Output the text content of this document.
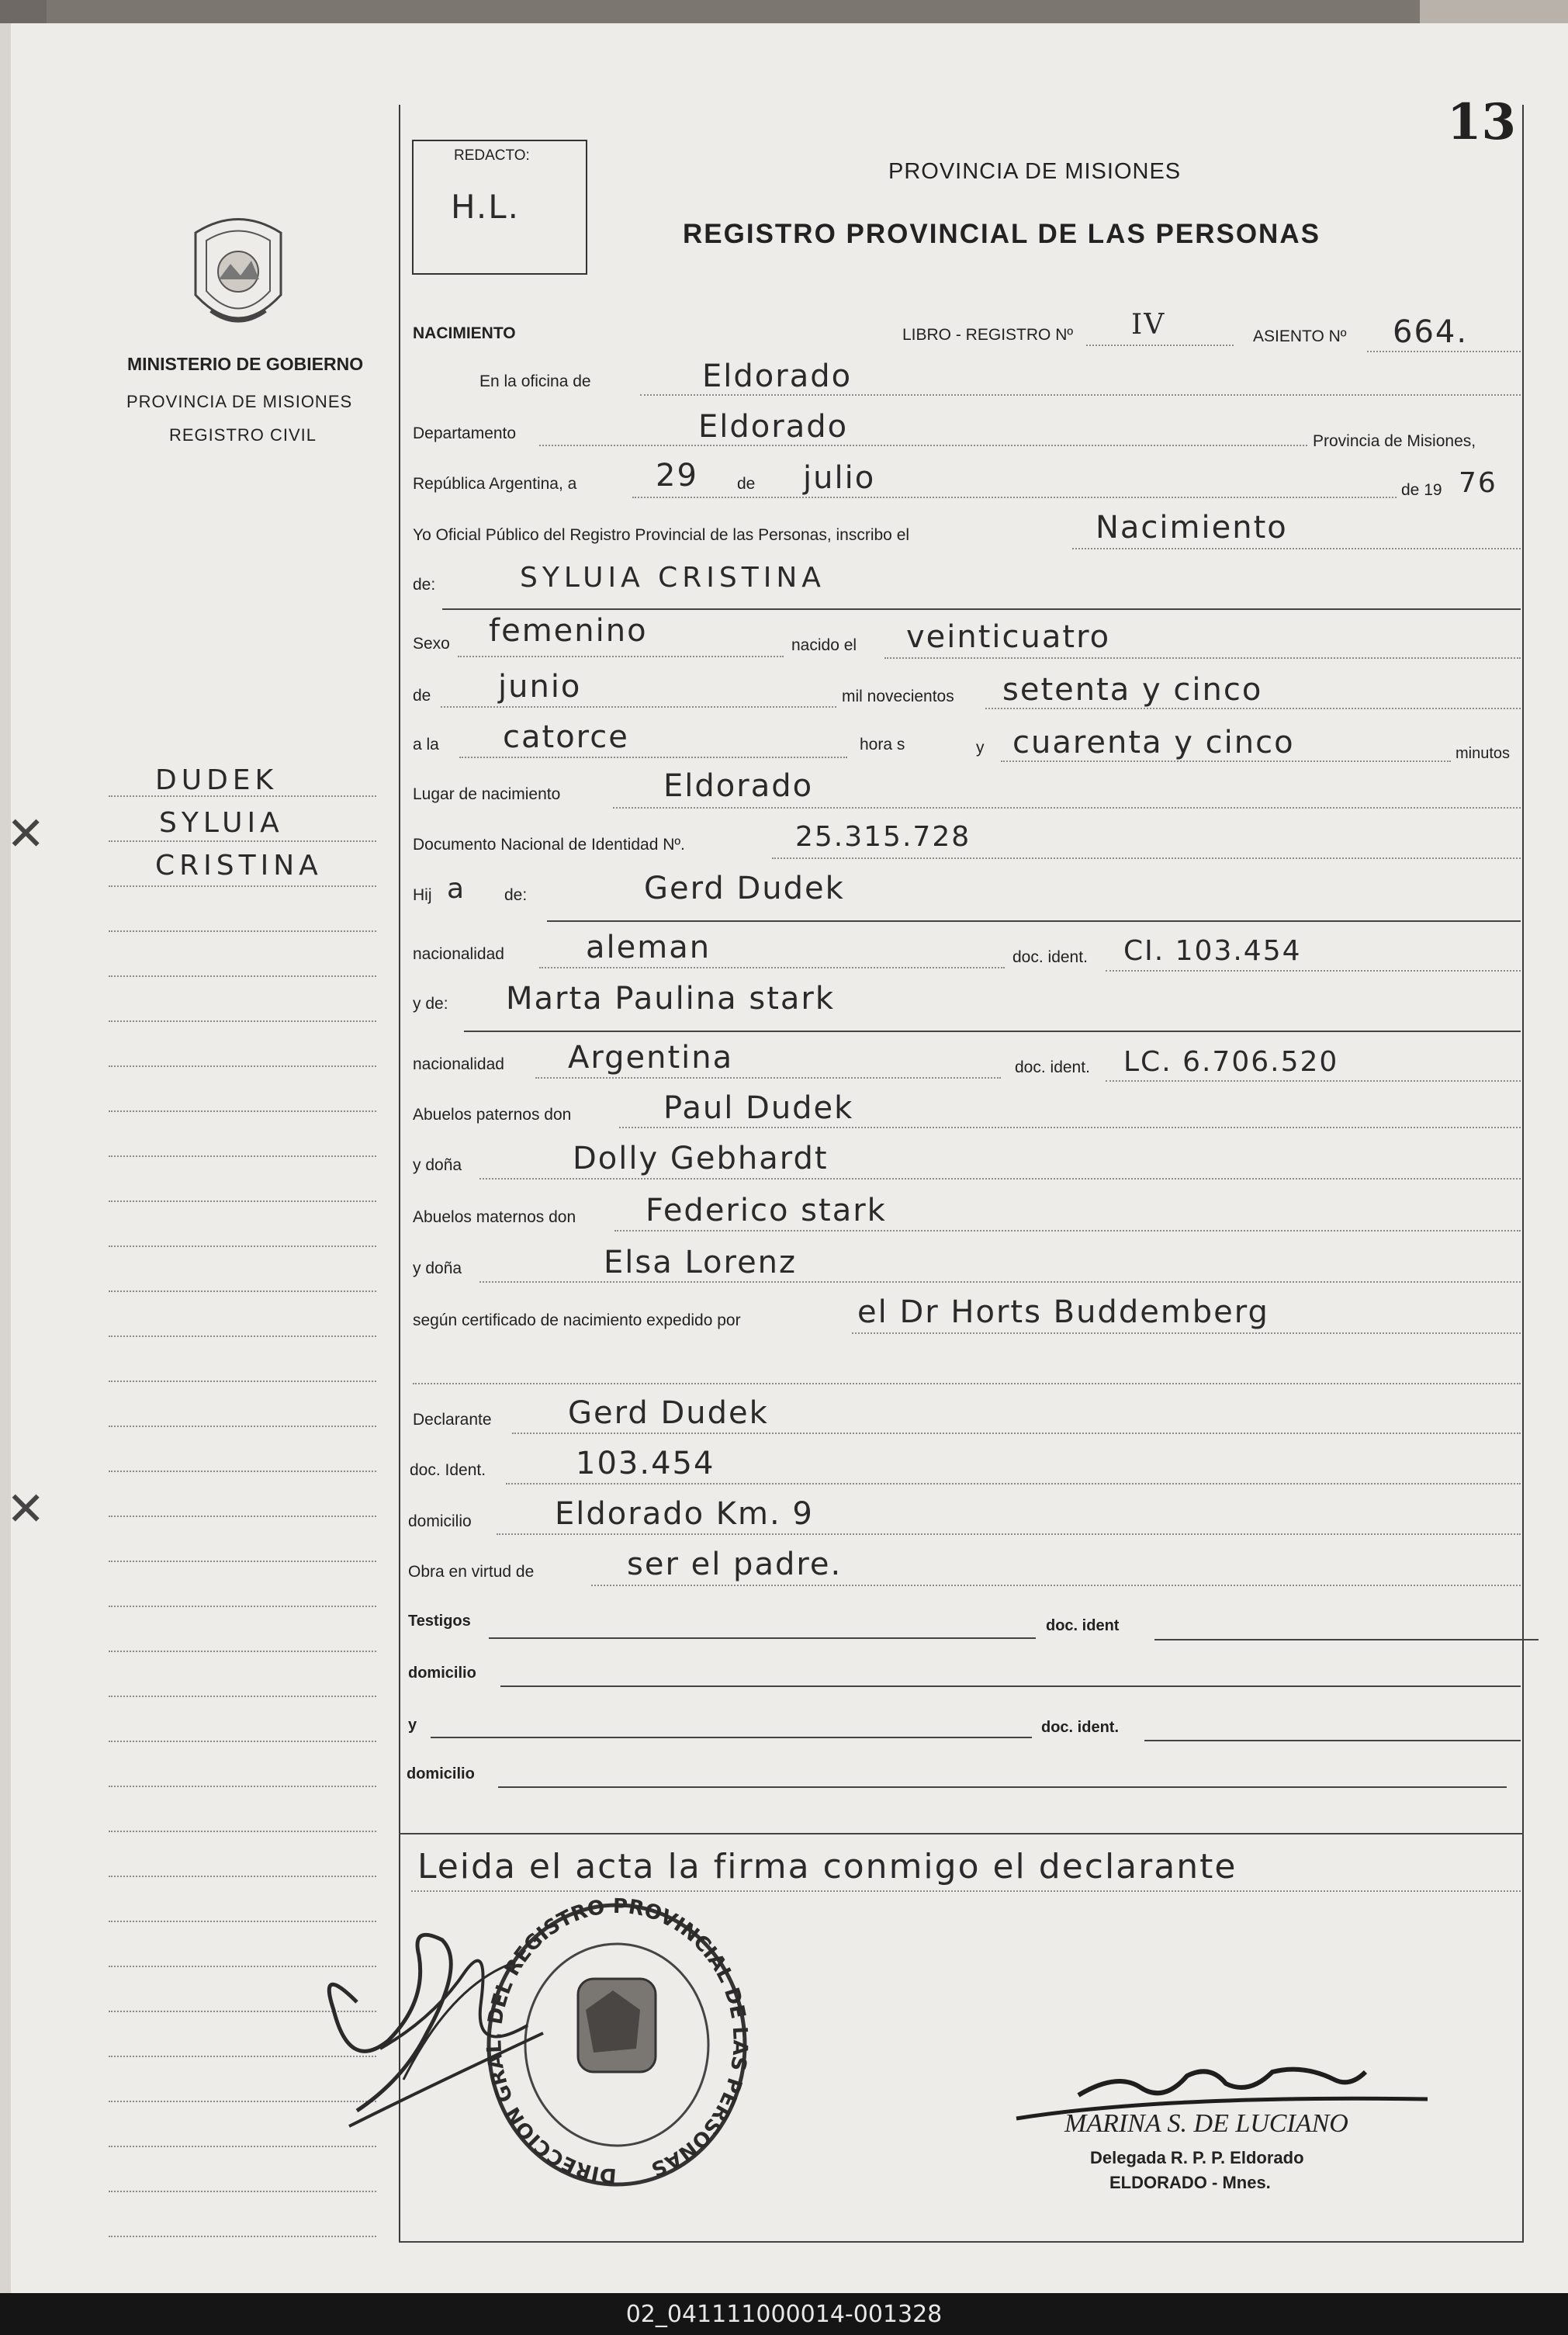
✕
✕
13
REDACTO:
H.L.
PROVINCIA DE MISIONES
REGISTRO PROVINCIAL DE LAS PERSONAS
MINISTERIO DE GOBIERNO
PROVINCIA DE MISIONES
REGISTRO CIVIL
DUDEK
SYLUIA
CRISTINA
NACIMIENTO	LIBRO - REGISTRO Nº IV	ASIENTO Nº 664.
En la oficina de	Eldorado
Departamento	Eldorado	Provincia de Misiones,
República Argentina, a	29 de julio	de 19 76
Yo Oficial Público del Registro Provincial de las Personas, inscribo el	Nacimiento
de:	SYLUIA CRISTINA
Sexo femenino	nacido el veinticuatro
de junio	mil novecientos setenta y cinco
a la catorce	hora s	y cuarenta y cinco	minutos
Lugar de nacimiento	Eldorado
Documento Nacional de Identidad Nº.	25.315.728
Hij a de:	Gerd Dudek
nacionalidad	aleman	doc. ident. CI. 103.454
y de: Marta Paulina stark
nacionalidad Argentina	doc. ident. LC. 6.706.520
Abuelos paternos don	Paul Dudek
y doña	Dolly Gebhardt
Abuelos maternos don Federico stark
y doña	Elsa Lorenz
según certificado de nacimiento expedido por	el Dr Horts Buddemberg
Declarante Gerd Dudek
doc. Ident.	103.454
domicilio	Eldorado Km. 9
Obra en virtud de	ser el padre.
Testigos	doc. ident
domicilio
y	doc. ident.
domicilio
Leida el acta la firma conmigo el declarante
DIRECCION GRAL. DEL REGISTRO PROVINCIAL DE LAS PERSONAS
MARINA S. DE LUCIANO
Delegada R. P. P. Eldorado
ELDORADO - Mnes.
02_041111000014-001328
